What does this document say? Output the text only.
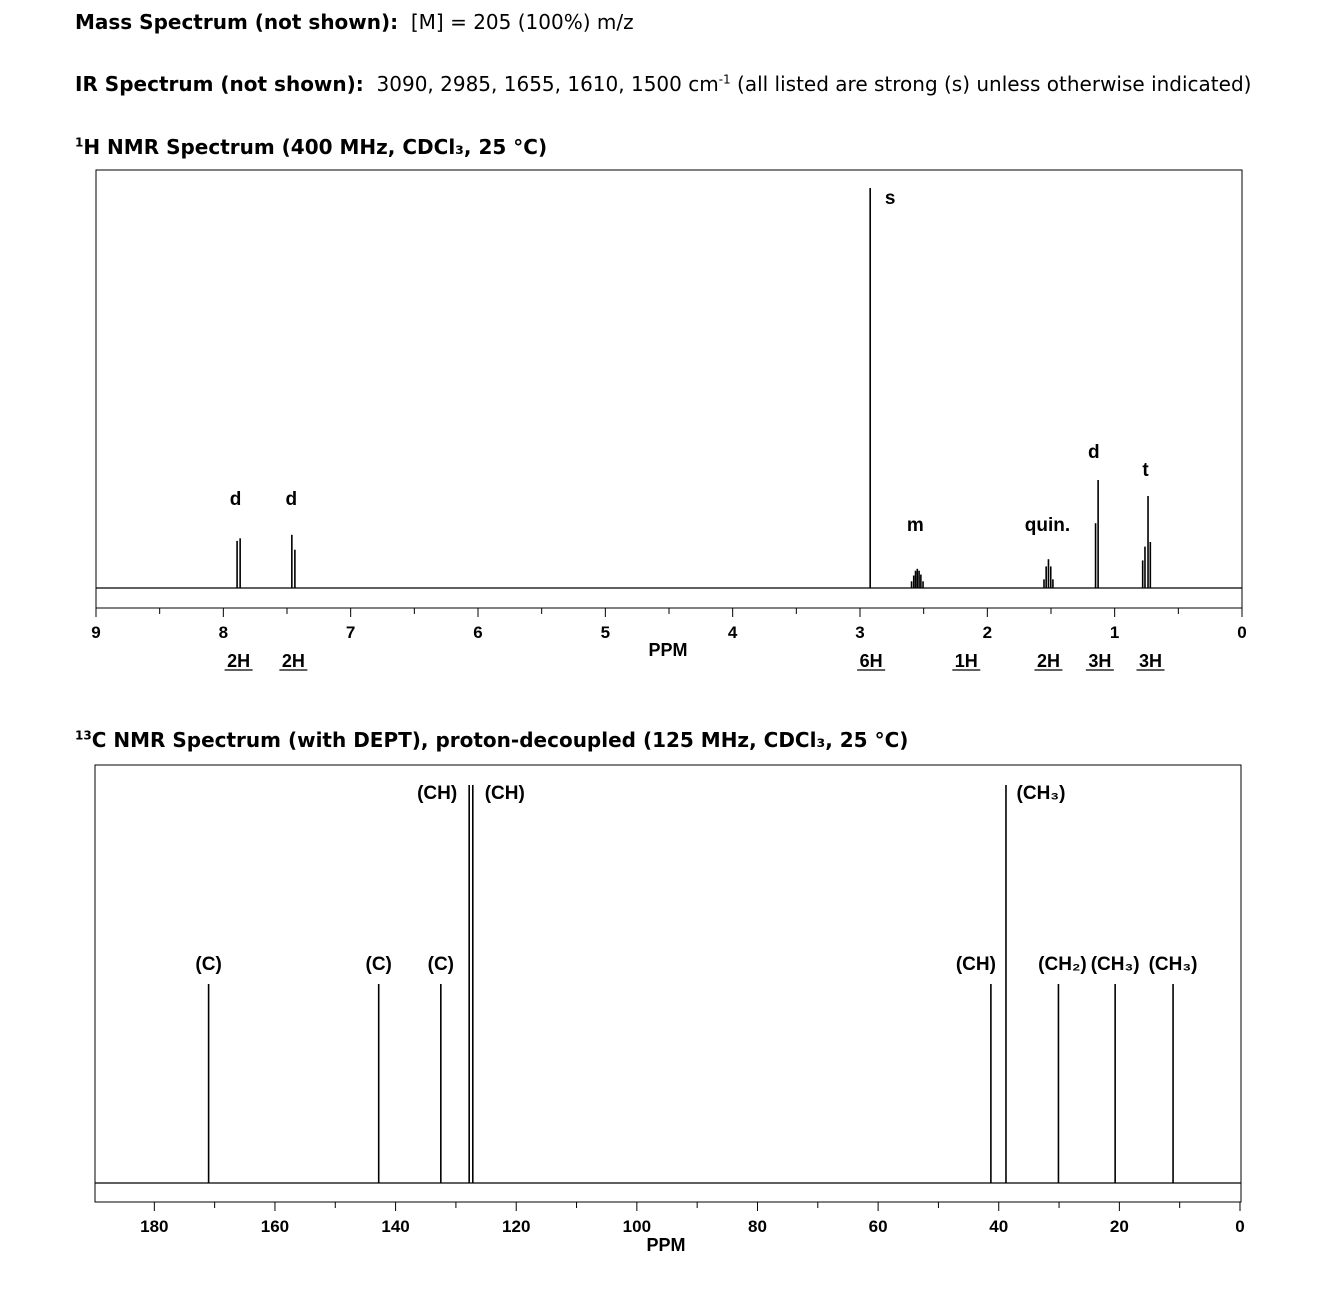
Mass Spectrum (not shown): [M] = 205 (100%) m/z
IR Spectrum (not shown): 3090, 2985, 1655, 1610, 1500 $cm^{-1}$ (all listed are strong (s) unless otherwise indicated)
$^1$H NMR Spectrum (400 MHz, CDCl₃, 25 °C)
$^{13}$C NMR Spectrum (with DEPT), proton-decoupled (125 MHz, CDCl₃, 25 °C)
9	8	7	6	5	4	3	2	1	0
PPM
d
2H
d
2H
s
6H
m
1H
quin.
2H
d
3H
t
3H
180	160	140	120	100	80	60	40	20	0
PPM
(C)	(C) (C)
(CH) (CH)
(CH)
(CH₃)
(CH₂) (CH₃) (CH₃)
